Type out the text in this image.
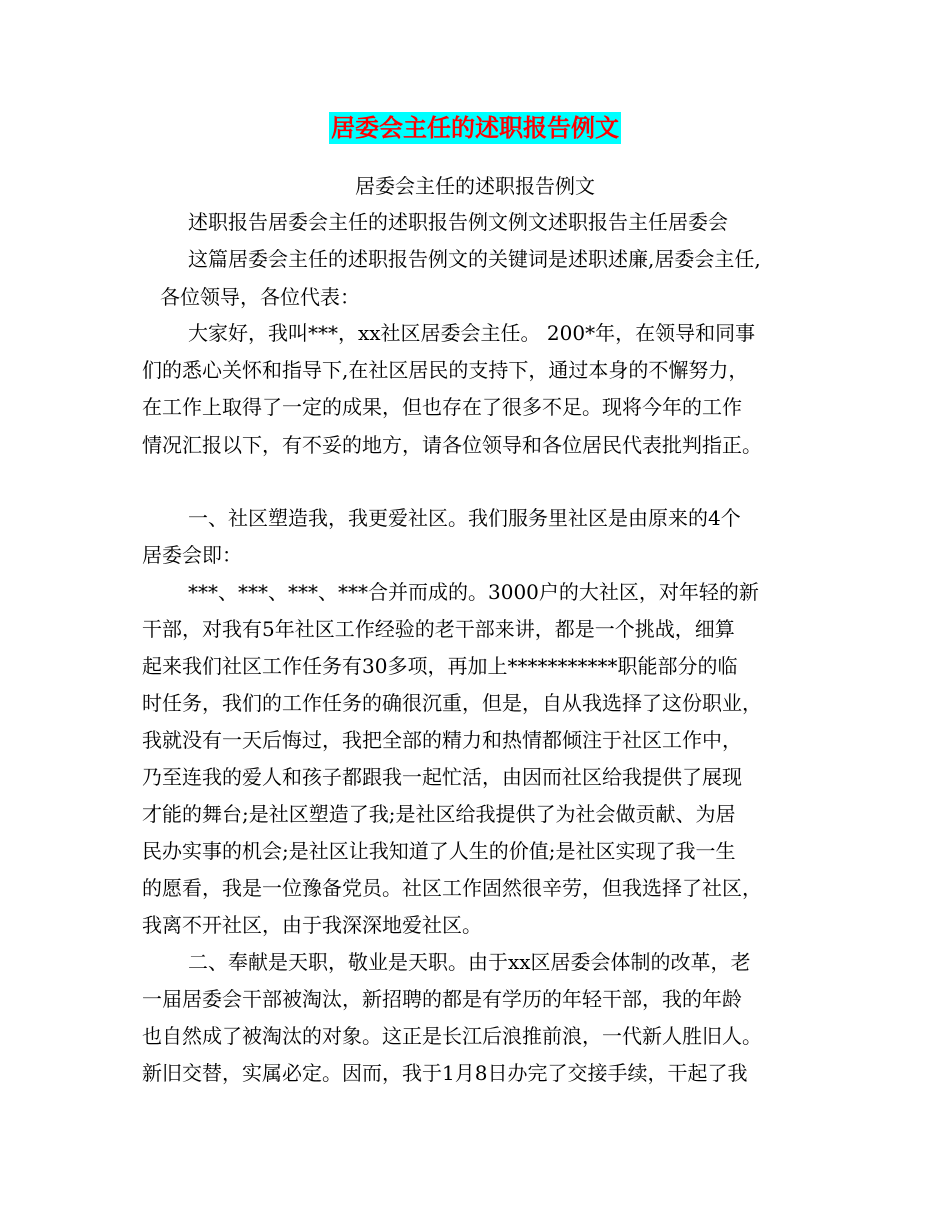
居委会主任的述职报告例文
居委会主任的述职报告例文
述职报告居委会主任的述职报告例文例文述职报告主任居委会
这篇居委会主任的述职报告例文的关键词是述职述廉,居委会主任,
各位领导，各位代表：
大家好，我叫***，xx社区居委会主任。 200*年，在领导和同事
们的悉心关怀和指导下,在社区居民的支持下，通过本身的不懈努力，
在工作上取得了一定的成果，但也存在了很多不足。现将今年的工作
情况汇报以下，有不妥的地方，请各位领导和各位居民代表批判指正。
一、社区塑造我，我更爱社区。我们服务里社区是由原来的4个
居委会即：
***、***、***、***合并而成的。3000户的大社区，对年轻的新
干部，对我有5年社区工作经验的老干部来讲，都是一个挑战，细算
起来我们社区工作任务有30多项，再加上***********职能部分的临
时任务，我们的工作任务的确很沉重，但是，自从我选择了这份职业，
我就没有一天后悔过，我把全部的精力和热情都倾注于社区工作中，
乃至连我的爱人和孩子都跟我一起忙活，由因而社区给我提供了展现
才能的舞台;是社区塑造了我;是社区给我提供了为社会做贡献、为居
民办实事的机会;是社区让我知道了人生的价值;是社区实现了我一生
的愿看，我是一位豫备党员。社区工作固然很辛劳，但我选择了社区，
我离不开社区，由于我深深地爱社区。
二、奉献是天职，敬业是天职。由于xx区居委会体制的改革，老
一届居委会干部被淘汰，新招聘的都是有学历的年轻干部，我的年龄
也自然成了被淘汰的对象。这正是长江后浪推前浪，一代新人胜旧人。
新旧交替，实属必定。因而，我于1月8日办完了交接手续，干起了我
